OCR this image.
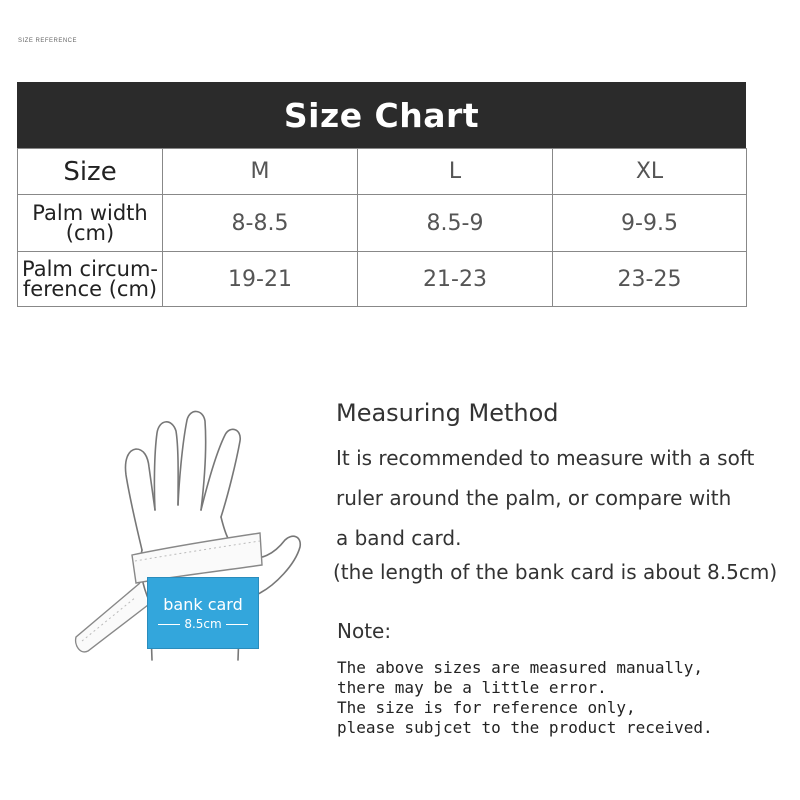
SIZE REFERENCE
Size Chart
Size	M	L	XL

Palm width
(cm)	8-8.5	8.5-9	9-9.5

Palm circum-
ference (cm)	19-21	21-23	23-25
bank card
8.5cm
Measuring Method
It is recommended to measure with a soft
ruler around the palm, or compare with
a band card.
(the length of the bank card is about 8.5cm)
Note:
The above sizes are measured manually,
there may be a little error.
The size is for reference only,
please subjcet to the product received.
